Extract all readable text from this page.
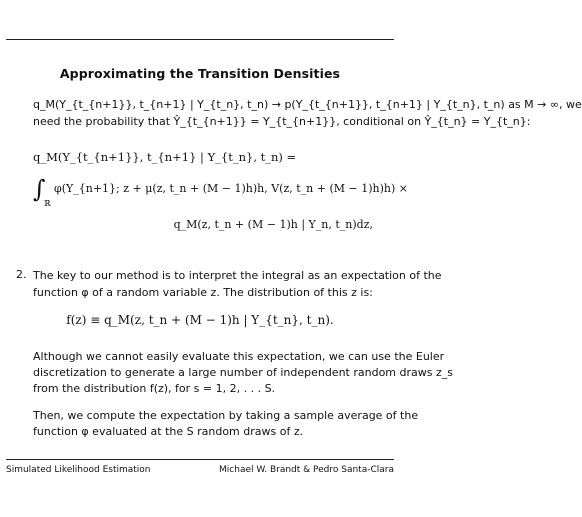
Approximating the Transition Densities
q_M(Y_{t_{n+1}}, t_{n+1} | Y_{t_n}, t_n) → p(Y_{t_{n+1}}, t_{n+1} | Y_{t_n}, t_n) as M → ∞, we
need the probability that Ŷ_{t_{n+1}} = Y_{t_{n+1}}, conditional on Ŷ_{t_n} = Y_{t_n}:
q_M(Y_{t_{n+1}}, t_{n+1} | Y_{t_n}, t_n) =
∫
ℝ
φ(Y_{n+1}; z + μ(z, t_n + (M − 1)h)h, V(z, t_n + (M − 1)h)h) ×
q_M(z, t_n + (M − 1)h | Y_n, t_n)dz,
2. The key to our method is to interpret the integral as an expectation of the
function φ of a random variable z. The distribution of this z is:
f(z) ≡ q_M(z, t_n + (M − 1)h | Y_{t_n}, t_n).
Although we cannot easily evaluate this expectation, we can use the Euler
discretization to generate a large number of independent random draws z_s
from the distribution f(z), for s = 1, 2, . . . S.
Then, we compute the expectation by taking a sample average of the
function φ evaluated at the S random draws of z.
Simulated Likelihood Estimation	Michael W. Brandt & Pedro Santa-Clara
